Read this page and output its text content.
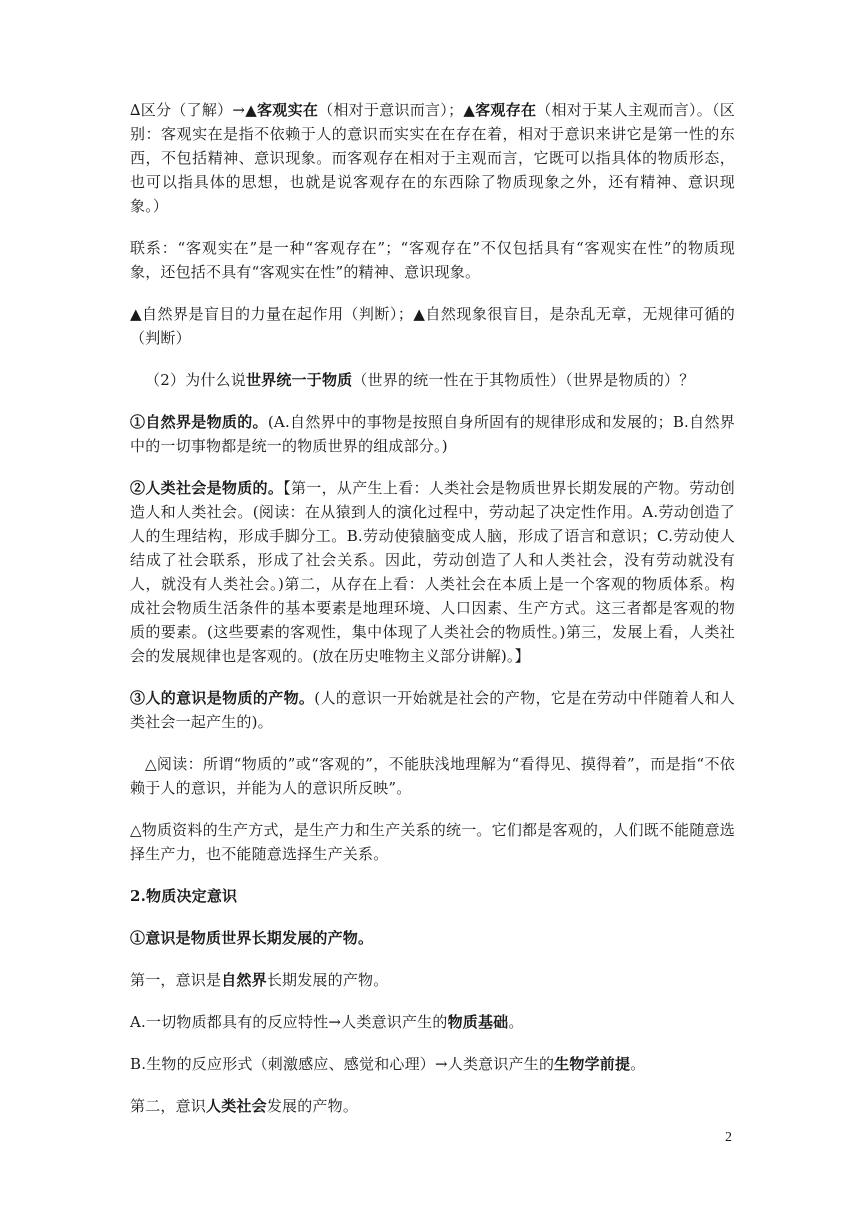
∆区分（了解）→▲客观实在（相对于意识而言）；▲客观存在（相对于某人主观而言）。（区别：客观实在是指不依赖于人的意识而实实在在存在着，相对于意识来讲它是第一性的东西，不包括精神、意识现象。而客观存在相对于主观而言，它既可以指具体的物质形态，也可以指具体的思想，也就是说客观存在的东西除了物质现象之外，还有精神、意识现象。）

联系：“客观实在”是一种“客观存在”；“客观存在”不仅包括具有“客观实在性”的物质现象，还包括不具有“客观实在性”的精神、意识现象。

▲自然界是盲目的力量在起作用（判断）；▲自然现象很盲目，是杂乱无章，无规律可循的（判断）

（2）为什么说世界统一于物质（世界的统一性在于其物质性）（世界是物质的）？

①自然界是物质的。(A.自然界中的事物是按照自身所固有的规律形成和发展的；B.自然界中的一切事物都是统一的物质世界的组成部分。)

②人类社会是物质的。【第一，从产生上看：人类社会是物质世界长期发展的产物。劳动创造人和人类社会。(阅读：在从猿到人的演化过程中，劳动起了决定性作用。A.劳动创造了人的生理结构，形成手脚分工。B.劳动使猿脑变成人脑，形成了语言和意识；C.劳动使人结成了社会联系，形成了社会关系。因此，劳动创造了人和人类社会，没有劳动就没有人，就没有人类社会。)第二，从存在上看：人类社会在本质上是一个客观的物质体系。构成社会物质生活条件的基本要素是地理环境、人口因素、生产方式。这三者都是客观的物质的要素。(这些要素的客观性，集中体现了人类社会的物质性。)第三，发展上看，人类社会的发展规律也是客观的。(放在历史唯物主义部分讲解)。】

③人的意识是物质的产物。(人的意识一开始就是社会的产物，它是在劳动中伴随着人和人类社会一起产生的)。

△阅读：所谓“物质的”或“客观的”，不能肤浅地理解为“看得见、摸得着”，而是指“不依赖于人的意识，并能为人的意识所反映”。

△物质资料的生产方式，是生产力和生产关系的统一。它们都是客观的，人们既不能随意选择生产力，也不能随意选择生产关系。

2.物质决定意识

①意识是物质世界长期发展的产物。

第一，意识是自然界长期发展的产物。

A.一切物质都具有的反应特性→人类意识产生的物质基础。

B.生物的反应形式（刺激感应、感觉和心理）→人类意识产生的生物学前提。

第二，意识人类社会发展的产物。

2
